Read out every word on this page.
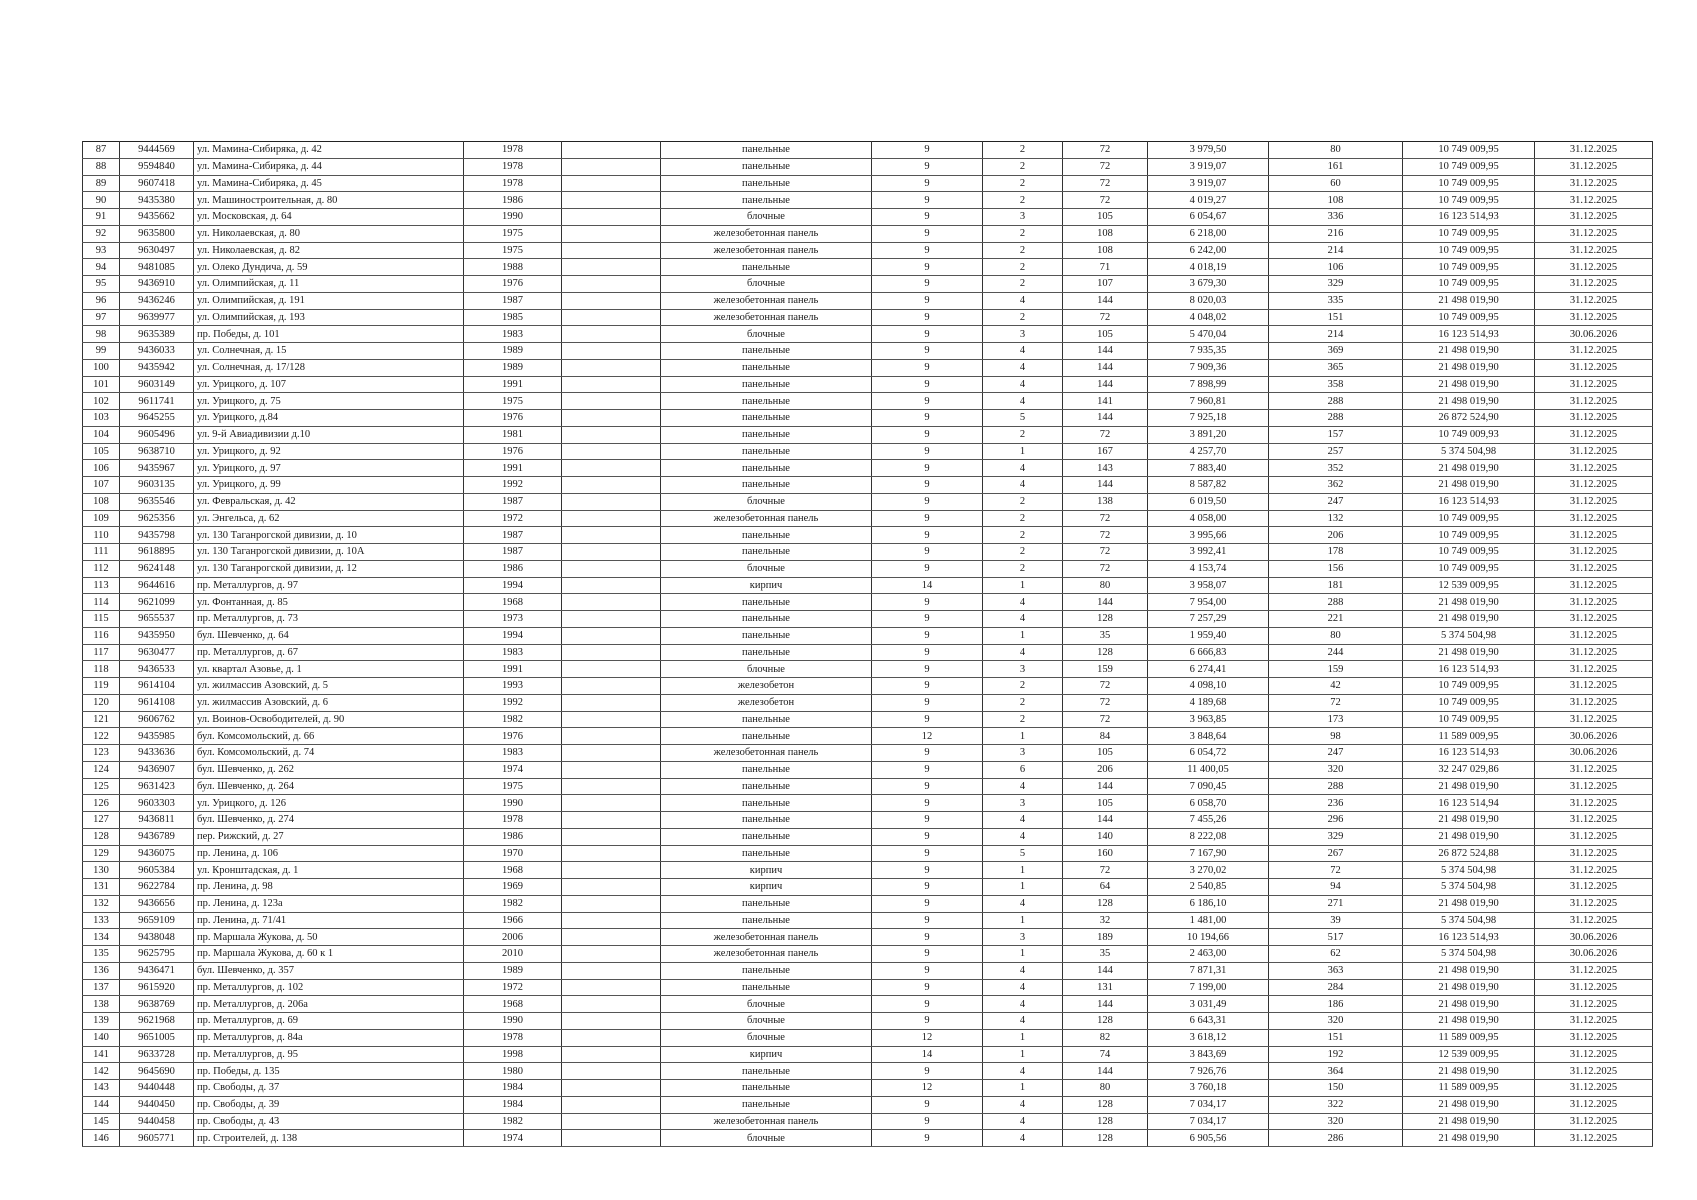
87	9444569	ул. Мамина-Сибиряка, д. 42	1978		панельные	9	2	72	3 979,50	80	10 749 009,95	31.12.2025
88	9594840	ул. Мамина-Сибиряка, д. 44	1978		панельные	9	2	72	3 919,07	161	10 749 009,95	31.12.2025
89	9607418	ул. Мамина-Сибиряка, д. 45	1978		панельные	9	2	72	3 919,07	60	10 749 009,95	31.12.2025
90	9435380	ул. Машиностроительная, д. 80	1986		панельные	9	2	72	4 019,27	108	10 749 009,95	31.12.2025
91	9435662	ул. Московская, д. 64	1990		блочные	9	3	105	6 054,67	336	16 123 514,93	31.12.2025
92	9635800	ул. Николаевская, д. 80	1975		железобетонная панель	9	2	108	6 218,00	216	10 749 009,95	31.12.2025
93	9630497	ул. Николаевская, д. 82	1975		железобетонная панель	9	2	108	6 242,00	214	10 749 009,95	31.12.2025
94	9481085	ул. Олеко Дундича, д. 59	1988		панельные	9	2	71	4 018,19	106	10 749 009,95	31.12.2025
95	9436910	ул. Олимпийская, д. 11	1976		блочные	9	2	107	3 679,30	329	10 749 009,95	31.12.2025
96	9436246	ул. Олимпийская, д. 191	1987		железобетонная панель	9	4	144	8 020,03	335	21 498 019,90	31.12.2025
97	9639977	ул. Олимпийская, д. 193	1985		железобетонная панель	9	2	72	4 048,02	151	10 749 009,95	31.12.2025
98	9635389	пр. Победы, д. 101	1983		блочные	9	3	105	5 470,04	214	16 123 514,93	30.06.2026
99	9436033	ул. Солнечная, д. 15	1989		панельные	9	4	144	7 935,35	369	21 498 019,90	31.12.2025
100	9435942	ул. Солнечная, д. 17/128	1989		панельные	9	4	144	7 909,36	365	21 498 019,90	31.12.2025
101	9603149	ул. Урицкого, д. 107	1991		панельные	9	4	144	7 898,99	358	21 498 019,90	31.12.2025
102	9611741	ул. Урицкого, д. 75	1975		панельные	9	4	141	7 960,81	288	21 498 019,90	31.12.2025
103	9645255	ул. Урицкого, д.84	1976		панельные	9	5	144	7 925,18	288	26 872 524,90	31.12.2025
104	9605496	ул. 9-й Авиадивизии д.10	1981		панельные	9	2	72	3 891,20	157	10 749 009,93	31.12.2025
105	9638710	ул. Урицкого, д. 92	1976		панельные	9	1	167	4 257,70	257	5 374 504,98	31.12.2025
106	9435967	ул. Урицкого, д. 97	1991		панельные	9	4	143	7 883,40	352	21 498 019,90	31.12.2025
107	9603135	ул. Урицкого, д. 99	1992		панельные	9	4	144	8 587,82	362	21 498 019,90	31.12.2025
108	9635546	ул. Февральская, д. 42	1987		блочные	9	2	138	6 019,50	247	16 123 514,93	31.12.2025
109	9625356	ул. Энгельса, д. 62	1972		железобетонная панель	9	2	72	4 058,00	132	10 749 009,95	31.12.2025
110	9435798	ул. 130 Таганрогской дивизии, д. 10	1987		панельные	9	2	72	3 995,66	206	10 749 009,95	31.12.2025
111	9618895	ул. 130 Таганрогской дивизии, д. 10А	1987		панельные	9	2	72	3 992,41	178	10 749 009,95	31.12.2025
112	9624148	ул. 130 Таганрогской дивизии, д. 12	1986		блочные	9	2	72	4 153,74	156	10 749 009,95	31.12.2025
113	9644616	пр. Металлургов, д. 97	1994		кирпич	14	1	80	3 958,07	181	12 539 009,95	31.12.2025
114	9621099	ул. Фонтанная, д. 85	1968		панельные	9	4	144	7 954,00	288	21 498 019,90	31.12.2025
115	9655537	пр. Металлургов, д. 73	1973		панельные	9	4	128	7 257,29	221	21 498 019,90	31.12.2025
116	9435950	бул. Шевченко, д. 64	1994		панельные	9	1	35	1 959,40	80	5 374 504,98	31.12.2025
117	9630477	пр. Металлургов, д. 67	1983		панельные	9	4	128	6 666,83	244	21 498 019,90	31.12.2025
118	9436533	ул. квартал Азовье, д. 1	1991		блочные	9	3	159	6 274,41	159	16 123 514,93	31.12.2025
119	9614104	ул. жилмассив Азовский, д. 5	1993		железобетон	9	2	72	4 098,10	42	10 749 009,95	31.12.2025
120	9614108	ул. жилмассив Азовский, д. 6	1992		железобетон	9	2	72	4 189,68	72	10 749 009,95	31.12.2025
121	9606762	ул. Воинов-Освободителей, д. 90	1982		панельные	9	2	72	3 963,85	173	10 749 009,95	31.12.2025
122	9435985	бул. Комсомольский, д. 66	1976		панельные	12	1	84	3 848,64	98	11 589 009,95	30.06.2026
123	9433636	бул. Комсомольский, д. 74	1983		железобетонная панель	9	3	105	6 054,72	247	16 123 514,93	30.06.2026
124	9436907	бул. Шевченко, д. 262	1974		панельные	9	6	206	11 400,05	320	32 247 029,86	31.12.2025
125	9631423	бул. Шевченко, д. 264	1975		панельные	9	4	144	7 090,45	288	21 498 019,90	31.12.2025
126	9603303	ул. Урицкого, д. 126	1990		панельные	9	3	105	6 058,70	236	16 123 514,94	31.12.2025
127	9436811	бул. Шевченко, д. 274	1978		панельные	9	4	144	7 455,26	296	21 498 019,90	31.12.2025
128	9436789	пер. Рижский, д. 27	1986		панельные	9	4	140	8 222,08	329	21 498 019,90	31.12.2025
129	9436075	пр. Ленина, д. 106	1970		панельные	9	5	160	7 167,90	267	26 872 524,88	31.12.2025
130	9605384	ул. Кронштадская, д. 1	1968		кирпич	9	1	72	3 270,02	72	5 374 504,98	31.12.2025
131	9622784	пр. Ленина, д. 98	1969		кирпич	9	1	64	2 540,85	94	5 374 504,98	31.12.2025
132	9436656	пр. Ленина, д. 123а	1982		панельные	9	4	128	6 186,10	271	21 498 019,90	31.12.2025
133	9659109	пр. Ленина, д. 71/41	1966		панельные	9	1	32	1 481,00	39	5 374 504,98	31.12.2025
134	9438048	пр. Маршала Жукова, д. 50	2006		железобетонная панель	9	3	189	10 194,66	517	16 123 514,93	30.06.2026
135	9625795	пр. Маршала Жукова, д. 60 к 1	2010		железобетонная панель	9	1	35	2 463,00	62	5 374 504,98	30.06.2026
136	9436471	бул. Шевченко, д. 357	1989		панельные	9	4	144	7 871,31	363	21 498 019,90	31.12.2025
137	9615920	пр. Металлургов, д. 102	1972		панельные	9	4	131	7 199,00	284	21 498 019,90	31.12.2025
138	9638769	пр. Металлургов, д. 206а	1968		блочные	9	4	144	3 031,49	186	21 498 019,90	31.12.2025
139	9621968	пр. Металлургов, д. 69	1990		блочные	9	4	128	6 643,31	320	21 498 019,90	31.12.2025
140	9651005	пр. Металлургов, д. 84а	1978		блочные	12	1	82	3 618,12	151	11 589 009,95	31.12.2025
141	9633728	пр. Металлургов, д. 95	1998		кирпич	14	1	74	3 843,69	192	12 539 009,95	31.12.2025
142	9645690	пр. Победы, д. 135	1980		панельные	9	4	144	7 926,76	364	21 498 019,90	31.12.2025
143	9440448	пр. Свободы, д. 37	1984		панельные	12	1	80	3 760,18	150	11 589 009,95	31.12.2025
144	9440450	пр. Свободы, д. 39	1984		панельные	9	4	128	7 034,17	322	21 498 019,90	31.12.2025
145	9440458	пр. Свободы, д. 43	1982		железобетонная панель	9	4	128	7 034,17	320	21 498 019,90	31.12.2025
146	9605771	пр. Строителей, д. 138	1974		блочные	9	4	128	6 905,56	286	21 498 019,90	31.12.2025
